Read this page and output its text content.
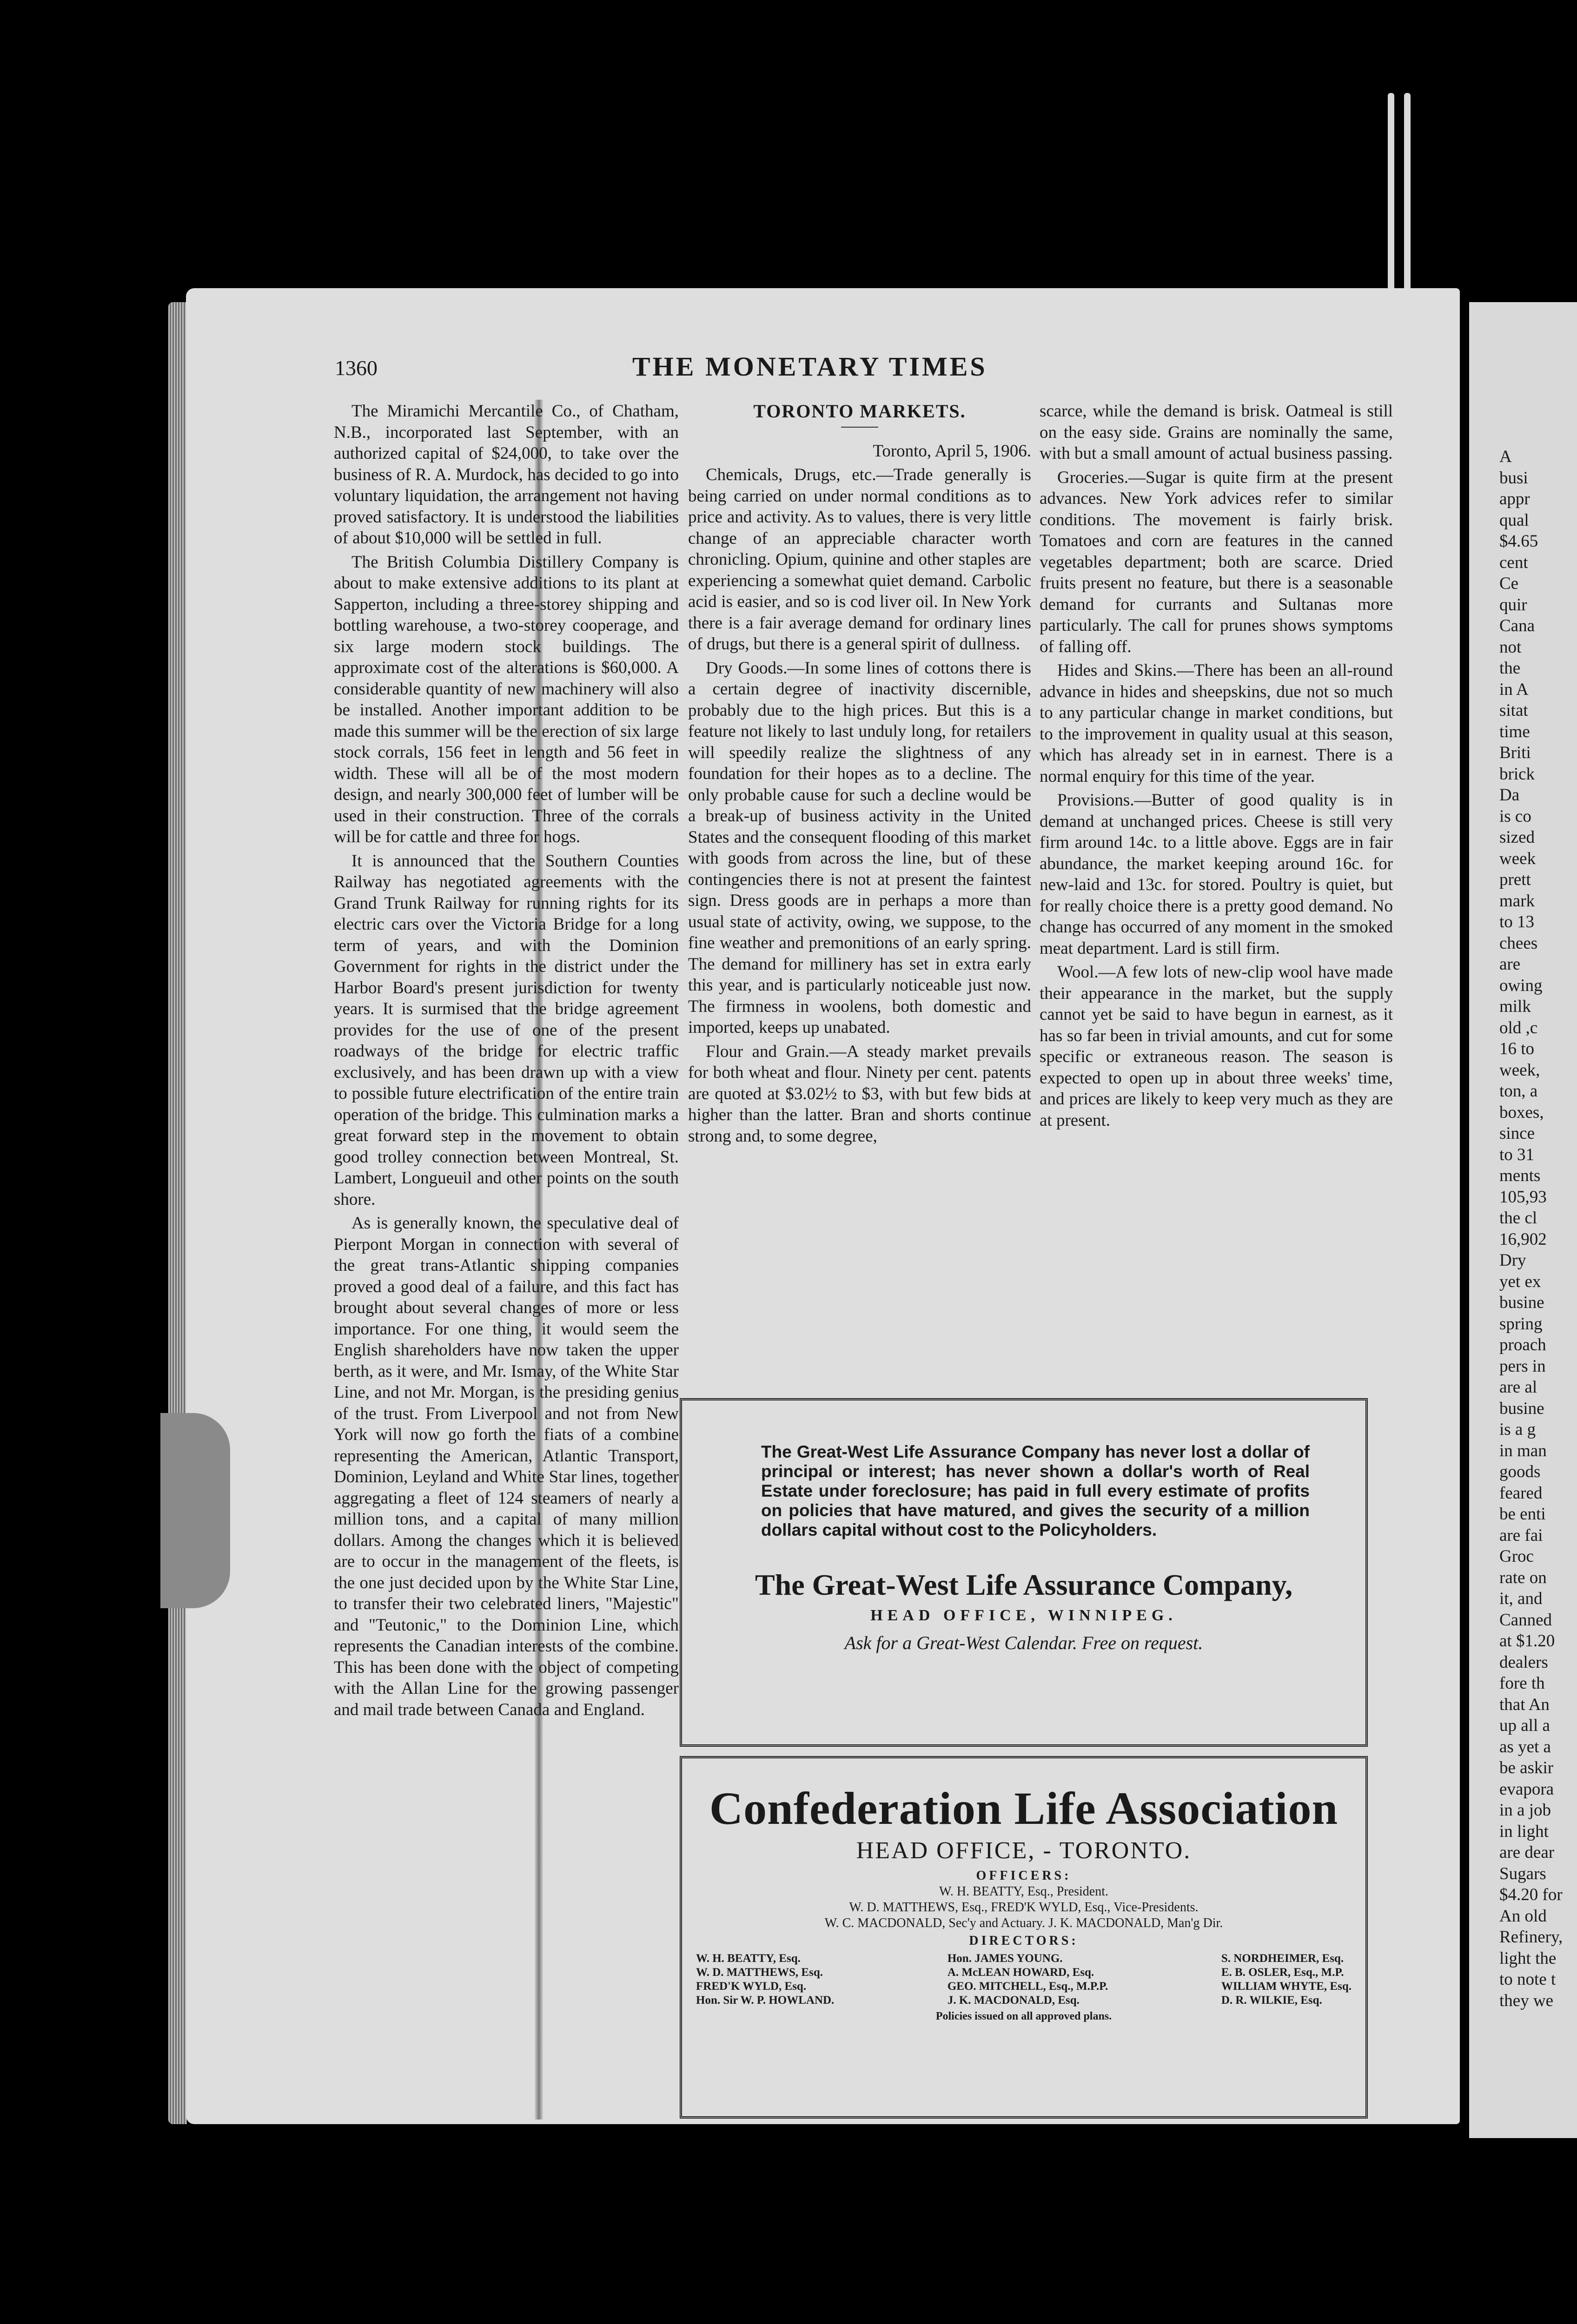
1360	THE MONETARY TIMES

The Miramichi Mercantile Co., of Chatham, N.B., incorporated last September, with an authorized capital of $24,000, to take over the business of R. A. Murdock, has decided to go into voluntary liquidation, the arrangement not having proved satisfactory. It is understood the liabilities of about $10,000 will be settled in full.

The British Columbia Distillery Company is about to make extensive additions to its plant at Sapperton, including a three-storey shipping and bottling warehouse, a two-storey cooperage, and six large modern stock buildings. The approximate cost of the alterations is $60,000. A considerable quantity of new machinery will also be installed. Another important addition to be made this summer will be the erection of six large stock corrals, 156 feet in length and 56 feet in width. These will all be of the most modern design, and nearly 300,000 feet of lumber will be used in their construction. Three of the corrals will be for cattle and three for hogs.

It is announced that the Southern Counties Railway has negotiated agreements with the Grand Trunk Railway for running rights for its electric cars over the Victoria Bridge for a long term of years, and with the Dominion Government for rights in the district under the Harbor Board's present jurisdiction for twenty years. It is surmised that the bridge agreement provides for the use of one of the present roadways of the bridge for electric traffic exclusively, and has been drawn up with a view to possible future electrification of the entire train operation of the bridge. This culmination marks a great forward step in the movement to obtain good trolley connection between Montreal, St. Lambert, Longueuil and other points on the south shore.

As is generally known, the speculative deal of Pierpont Morgan in connection with several of the great trans-Atlantic shipping companies proved a good deal of a failure, and this fact has brought about several changes of more or less importance. For one thing, it would seem the English shareholders have now taken the upper berth, as it were, and Mr. Ismay, of the White Star Line, and not Mr. Morgan, is the presiding genius of the trust. From Liverpool and not from New York will now go forth the fiats of a combine representing the American, Atlantic Transport, Dominion, Leyland and White Star lines, together aggregating a fleet of 124 steamers of nearly a million tons, and a capital of many million dollars. Among the changes which it is believed are to occur in the management of the fleets, is the one just decided upon by the White Star Line, to transfer their two celebrated liners, "Majestic" and "Teutonic," to the Dominion Line, which represents the Canadian interests of the combine. This has been done with the object of competing with the Allan Line for the growing passenger and mail trade between Canada and England.

TORONTO MARKETS.
Toronto, April 5, 1906.

Chemicals, Drugs, etc.—Trade generally is being carried on under normal conditions as to price and activity. As to values, there is very little change of an appreciable character worth chronicling. Opium, quinine and other staples are experiencing a somewhat quiet demand. Carbolic acid is easier, and so is cod liver oil. In New York there is a fair average demand for ordinary lines of drugs, but there is a general spirit of dullness.

Dry Goods.—In some lines of cottons there is a certain degree of inactivity discernible, probably due to the high prices. But this is a feature not likely to last unduly long, for retailers will speedily realize the slightness of any foundation for their hopes as to a decline. The only probable cause for such a decline would be a break-up of business activity in the United States and the consequent flooding of this market with goods from across the line, but of these contingencies there is not at present the faintest sign. Dress goods are in perhaps a more than usual state of activity, owing, we suppose, to the fine weather and premonitions of an early spring. The demand for millinery has set in extra early this year, and is particularly noticeable just now. The firmness in woolens, both domestic and imported, keeps up unabated.

Flour and Grain.—A steady market prevails for both wheat and flour. Ninety per cent. patents are quoted at $3.02½ to $3, with but few bids at higher than the latter. Bran and shorts continue strong and, to some degree,

scarce, while the demand is brisk. Oatmeal is still on the easy side. Grains are nominally the same, with but a small amount of actual business passing.

Groceries.—Sugar is quite firm at the present advances. New York advices refer to similar conditions. The movement is fairly brisk. Tomatoes and corn are features in the canned vegetables department; both are scarce. Dried fruits present no feature, but there is a seasonable demand for currants and Sultanas more particularly. The call for prunes shows symptoms of falling off.

Hides and Skins.—There has been an all-round advance in hides and sheepskins, due not so much to any particular change in market conditions, but to the improvement in quality usual at this season, which has already set in in earnest. There is a normal enquiry for this time of the year.

Provisions.—Butter of good quality is in demand at unchanged prices. Cheese is still very firm around 14c. to a little above. Eggs are in fair abundance, the market keeping around 16c. for new-laid and 13c. for stored. Poultry is quiet, but for really choice there is a pretty good demand. No change has occurred of any moment in the smoked meat department. Lard is still firm.

Wool.—A few lots of new-clip wool have made their appearance in the market, but the supply cannot yet be said to have begun in earnest, as it has so far been in trivial amounts, and cut for some specific or extraneous reason. The season is expected to open up in about three weeks' time, and prices are likely to keep very much as they are at present.

A
busi
appr
qual
$4.65
cent
Ce
quir
Cana
not
the
in A
sitat
time
Briti
brick
Da
is co
sized
week
prett
mark
to 13
chees
are
owing
milk
old ,c
16 to
week,
ton, a
boxes,
since
to 31
ments
105,93
the cl
16,902
Dry
yet ex
busine
spring
proach
pers in
are al
busine
is a g
in man
goods
feared
be enti
are fai
Groc
rate on
it, and
Canned
at $1.20
dealers
fore th
that An
up all a
as yet a
be askir
evapora
in a job
in light
are dear
Sugars
$4.20 for
An old
Refinery,
light the
to note t
they we
The Great-West Life Assurance Company has never lost a dollar of principal or interest; has never shown a dollar's worth of Real Estate under foreclosure; has paid in full every estimate of profits on policies that have matured, and gives the security of a million dollars capital without cost to the Policyholders.
The Great-West Life Assurance Company,
HEAD OFFICE, WINNIPEG.
Ask for a Great-West Calendar. Free on request.
Confederation Life Association
HEAD OFFICE, - TORONTO.
OFFICERS:
W. H. BEATTY, Esq., President.
W. D. MATTHEWS, Esq., FRED'K WYLD, Esq., Vice-Presidents.
W. C. MACDONALD, Sec'y and Actuary. J. K. MACDONALD, Man'g Dir.
DIRECTORS:
W. H. BEATTY, Esq.
W. D. MATTHEWS, Esq.
FRED'K WYLD, Esq.
Hon. Sir W. P. HOWLAND.
Hon. JAMES YOUNG.
A. McLEAN HOWARD, Esq.
GEO. MITCHELL, Esq., M.P.P.
J. K. MACDONALD, Esq.
S. NORDHEIMER, Esq.
E. B. OSLER, Esq., M.P.
WILLIAM WHYTE, Esq.
D. R. WILKIE, Esq.
Policies issued on all approved plans.
